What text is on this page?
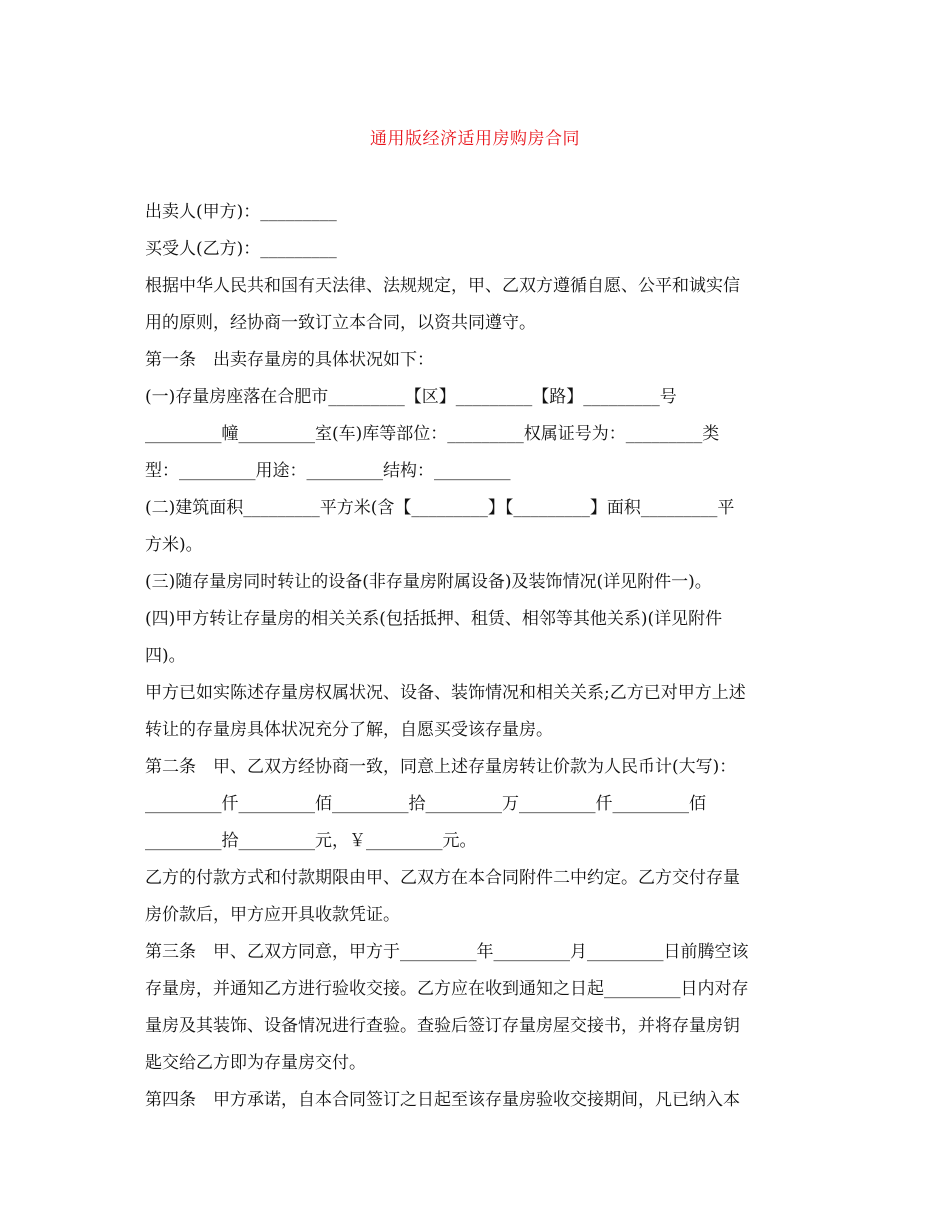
通用版经济适用房购房合同
出卖人(甲方)：_________
买受人(乙方)：_________
根据中华人民共和国有天法律、法规规定，甲、乙双方遵循自愿、公平和诚实信
用的原则，经协商一致订立本合同，以资共同遵守。
第一条　出卖存量房的具体状况如下：
(一)存量房座落在合肥市_________【区】_________【路】_________号
_________幢_________室(车)库等部位：_________权属证号为：_________类
型：_________用途：_________结构：_________
(二)建筑面积_________平方米(含【_________】【_________】面积_________平
方米)。
(三)随存量房同时转让的设备(非存量房附属设备)及装饰情况(详见附件一)。
(四)甲方转让存量房的相关关系(包括抵押、租赁、相邻等其他关系)(详见附件
四)。
甲方已如实陈述存量房权属状况、设备、装饰情况和相关关系;乙方已对甲方上述
转让的存量房具体状况充分了解，自愿买受该存量房。
第二条　甲、乙双方经协商一致，同意上述存量房转让价款为人民币计(大写)：
_________仟_________佰_________拾_________万_________仟_________佰
_________拾_________元，￥_________元。
乙方的付款方式和付款期限由甲、乙双方在本合同附件二中约定。乙方交付存量
房价款后，甲方应开具收款凭证。
第三条　甲、乙双方同意，甲方于_________年_________月_________日前腾空该
存量房，并通知乙方进行验收交接。乙方应在收到通知之日起_________日内对存
量房及其装饰、设备情况进行查验。查验后签订存量房屋交接书，并将存量房钥
匙交给乙方即为存量房交付。
第四条　甲方承诺，自本合同签订之日起至该存量房验收交接期间，凡已纳入本
